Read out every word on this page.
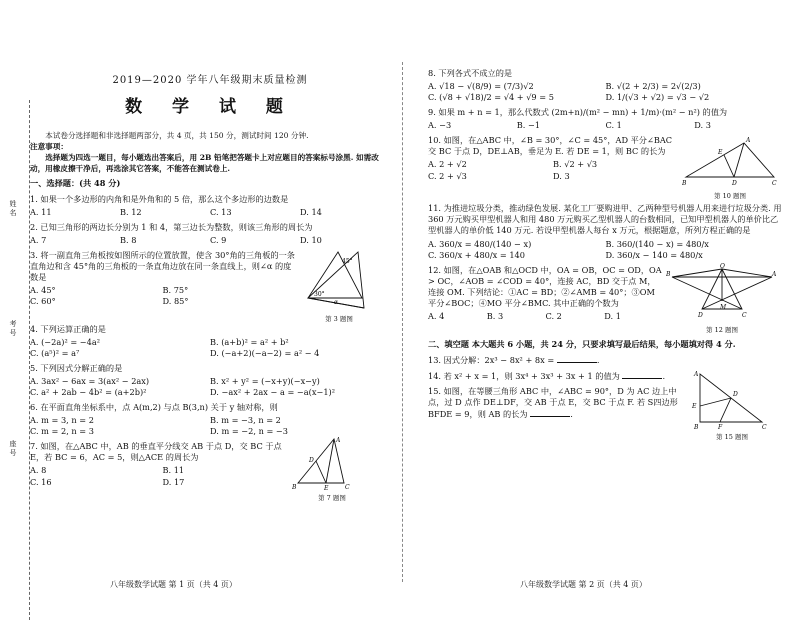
姓名
考号
座号
2019—2020 学年八年级期末质量检测
数 学 试 题
本试卷分选择题和非选择题两部分，共 4 页，共 150 分，测试时间 120 分钟.
注意事项：
选择题为四选一题目，每小题选出答案后，用 2B 铅笔把答题卡上对应题目的答案标号涂黑. 如需改动，用橡皮擦干净后，再选涂其它答案，不能答在测试卷上.
一、选择题：(共 48 分)
1. 如果一个多边形的内角和是外角和的 5 倍，那么这个多边形的边数是
A. 11	B. 12	C. 13	D. 14
2. 已知三角形的两边长分别为 1 和 4，第三边长为整数，则该三角形的周长为
A. 7	B. 8	C. 9	D. 10
3. 将一副直角三角板按如图所示的位置放置，使含 30°角的三角板的一条直角边和含 45°角的三角板的一条直角边放在同一条直线上，则∠α 的度数是
A. 45°	B. 75°
C. 60°	D. 85°
45°
30°
α
第 3 题图
4. 下列运算正确的是
A. (−2a)² = −4a²	B. (a+b)² = a² + b²
C. (a⁵)² = a⁷	D. (−a+2)(−a−2) = a² − 4
5. 下列因式分解正确的是
A. 3ax² − 6ax = 3(ax² − 2ax)	B. x² + y² = (−x+y)(−x−y)
C. a² + 2ab − 4b² = (a+2b)²	D. −ax² + 2ax − a = −a(x−1)²
6. 在平面直角坐标系中，点 A(m,2) 与点 B(3,n) 关于 y 轴对称，则
A. m = 3, n = 2	B. m = −3, n = 2
C. m = 2, n = 3	D. m = −2, n = −3
7. 如图，在△ABC 中，AB 的垂直平分线交 AB 于点 D，交 BC 于点 E，若 BC = 6，AC = 5，则△ACE 的周长为
A. 8	B. 11
C. 16	D. 17
A
B	C
D
E
第 7 题图
八年级数学试题 第 1 页（共 4 页）
8. 下列各式不成立的是
A. √18 − √(8/9) = (7/3)√2	B. √(2 + 2/3) = 2√(2/3)
C. (√8 + √18)/2 = √4 + √9 = 5	D. 1/(√3 + √2) = √3 − √2
9. 如果 m + n = 1，那么代数式 (2m+n)/(m² − mn) + 1/m)·(m² − n²) 的值为
A. −3	B. −1	C. 1	D. 3
10. 如图，在△ABC 中，∠B = 30°，∠C = 45°，AD 平分∠BAC 交 BC 于点 D，DE⊥AB，垂足为 E. 若 DE = 1，则 BC 的长为
A. 2 + √2	B. √2 + √3
C. 2 + √3	D. 3
A
B	C
D
E
第 10 题图
11. 为推进垃圾分类，推动绿色发展. 某化工厂要购进甲、乙两种型号机器人用来进行垃圾分类. 用 360 万元购买甲型机器人和用 480 万元购买乙型机器人的台数相同，已知甲型机器人的单价比乙型机器人的单价低 140 万元. 若设甲型机器人每台 x 万元，根据题意，所列方程正确的是
A. 360/x = 480/(140 − x)	B. 360/(140 − x) = 480/x
C. 360/x + 480/x = 140	D. 360/x − 140 = 480/x
12. 如图，在△OAB 和△OCD 中，OA = OB，OC = OD，OA > OC，∠AOB = ∠COD = 40°，连接 AC，BD 交于点 M，连接 OM. 下列结论：①AC = BD；②∠AMB = 40°；③OM 平分∠BOC；④MO 平分∠BMC. 其中正确的个数为
A. 4	B. 3	C. 2	D. 1
O
A
B
C
D
M
第 12 题图
二、填空题 本大题共 6 小题，共 24 分，只要求填写最后结果，每小题填对得 4 分.
13. 因式分解：2x³ − 8x² + 8x =	.
14. 若 x² + x = 1，则 3x⁴ + 3x³ + 3x + 1 的值为	.
15. 如图，在等腰三角形 ABC 中，∠ABC = 90°，D 为 AC 边上中点，过 D 点作 DE⊥DF，交 AB 于点 E，交 BC 于点 F. 若 S四边形BFDE = 9，则 AB 的长为	.
A
B	C
D
E
F
第 15 题图
八年级数学试题 第 2 页（共 4 页）
